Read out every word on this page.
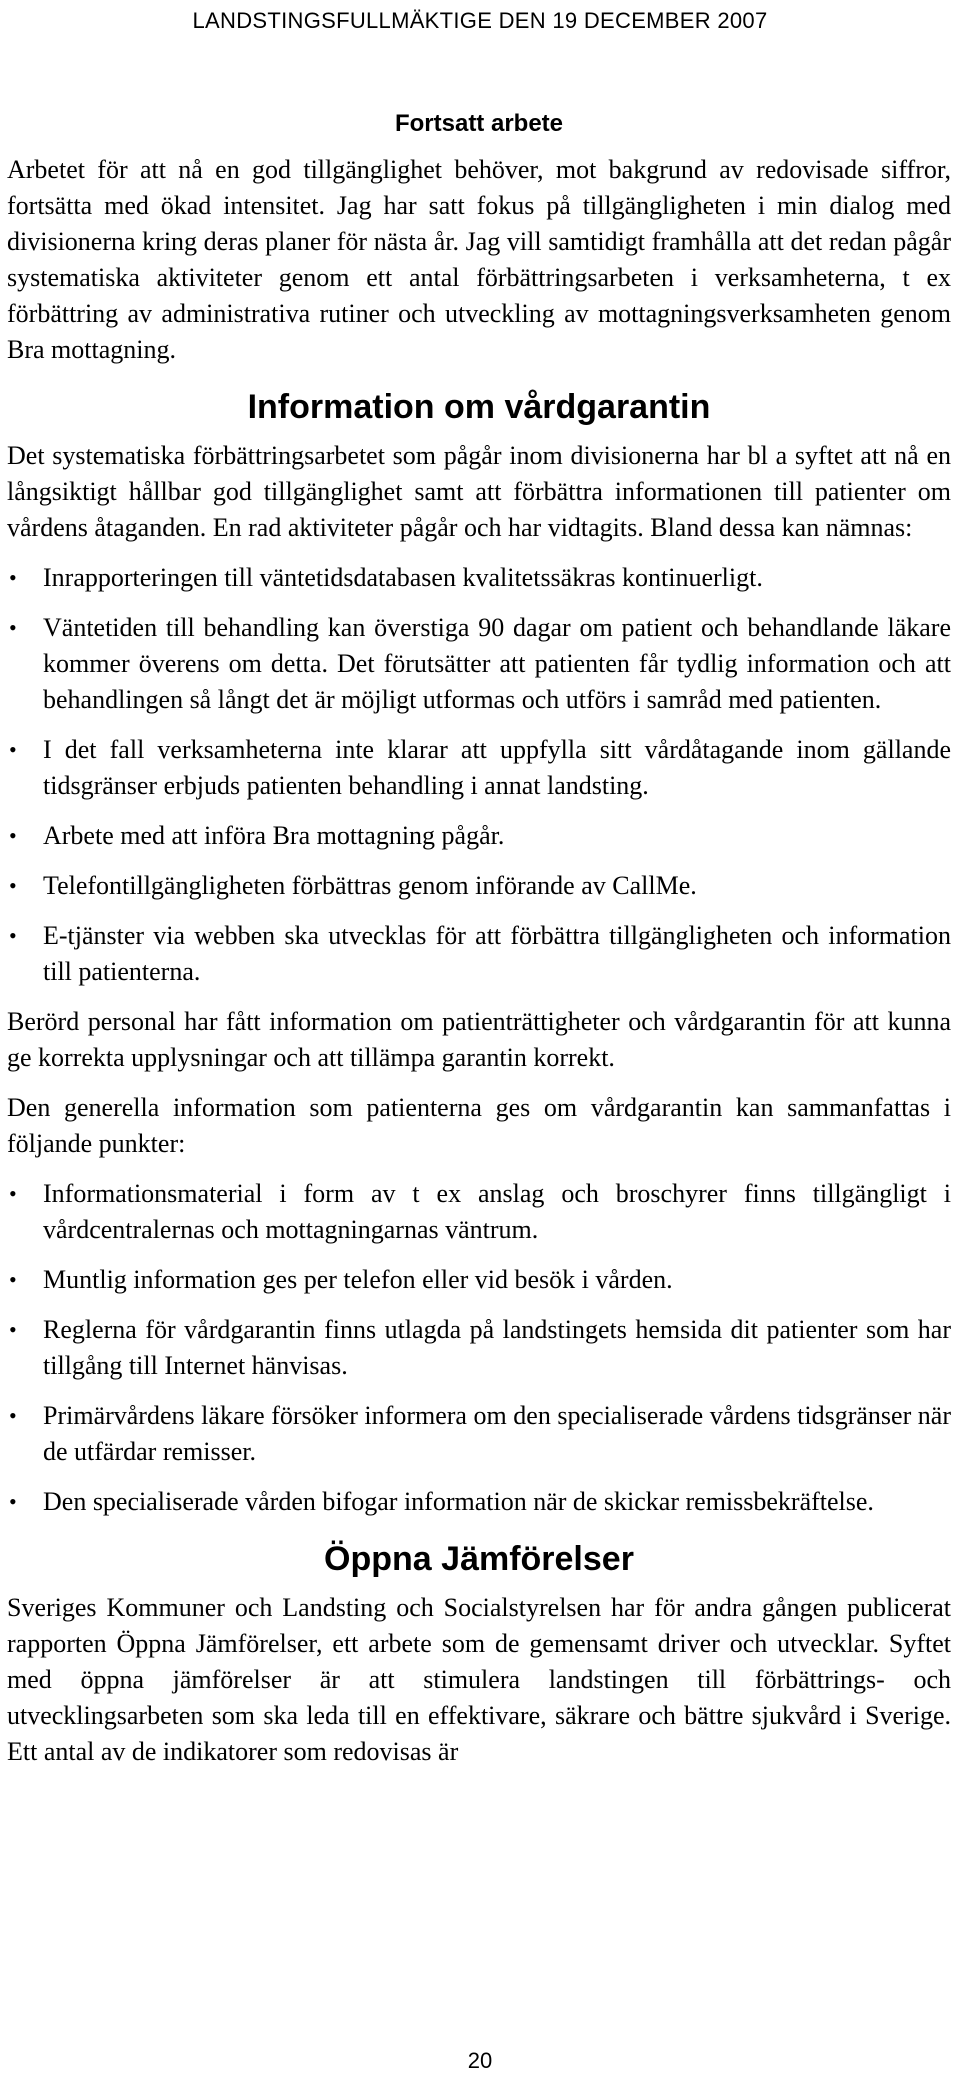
LANDSTINGSFULLMÄKTIGE DEN 19 DECEMBER 2007
Fortsatt arbete

Arbetet för att nå en god tillgänglighet behöver, mot bakgrund av redovisade siffror, fortsätta med ökad intensitet. Jag har satt fokus på tillgängligheten i min dialog med divisionerna kring deras planer för nästa år. Jag vill samtidigt framhålla att det redan pågår systematiska aktiviteter genom ett antal förbättringsarbeten i verksamheterna, t ex förbättring av administrativa rutiner och utveckling av mottagningsverksamheten genom Bra mottagning.

Information om vårdgarantin

Det systematiska förbättringsarbetet som pågår inom divisionerna har bl a syftet att nå en långsiktigt hållbar god tillgänglighet samt att förbättra informationen till patienter om vårdens åtaganden. En rad aktiviteter pågår och har vidtagits. Bland dessa kan nämnas:

•	Inrapporteringen till väntetidsdatabasen kvalitetssäkras kontinuerligt.
•	Väntetiden till behandling kan överstiga 90 dagar om patient och behandlande läkare kommer överens om detta. Det förutsätter att patienten får tydlig information och att behandlingen så långt det är möjligt utformas och utförs i samråd med patienten.
•	I det fall verksamheterna inte klarar att uppfylla sitt vårdåtagande inom gällande tidsgränser erbjuds patienten behandling i annat landsting.
•	Arbete med att införa Bra mottagning pågår.
•	Telefontillgängligheten förbättras genom införande av CallMe.
•	E-tjänster via webben ska utvecklas för att förbättra tillgängligheten och information till patienterna.

Berörd personal har fått information om patienträttigheter och vårdgarantin för att kunna ge korrekta upplysningar och att tillämpa garantin korrekt.

Den generella information som patienterna ges om vårdgarantin kan sammanfattas i följande punkter:

•	Informationsmaterial i form av t ex anslag och broschyrer finns tillgängligt i vårdcentralernas och mottagningarnas väntrum.
•	Muntlig information ges per telefon eller vid besök i vården.
•	Reglerna för vårdgarantin finns utlagda på landstingets hemsida dit patienter som har tillgång till Internet hänvisas.
•	Primärvårdens läkare försöker informera om den specialiserade vårdens tidsgränser när de utfärdar remisser.
•	Den specialiserade vården bifogar information när de skickar remissbekräftelse.
Öppna Jämförelser

Sveriges Kommuner och Landsting och Socialstyrelsen har för andra gången publicerat rapporten Öppna Jämförelser, ett arbete som de gemensamt driver och utvecklar. Syftet med öppna jämförelser är att stimulera landstingen till förbättrings- och utvecklingsarbeten som ska leda till en effektivare, säkrare och bättre sjukvård i Sverige. Ett antal av de indikatorer som redovisas är

20
